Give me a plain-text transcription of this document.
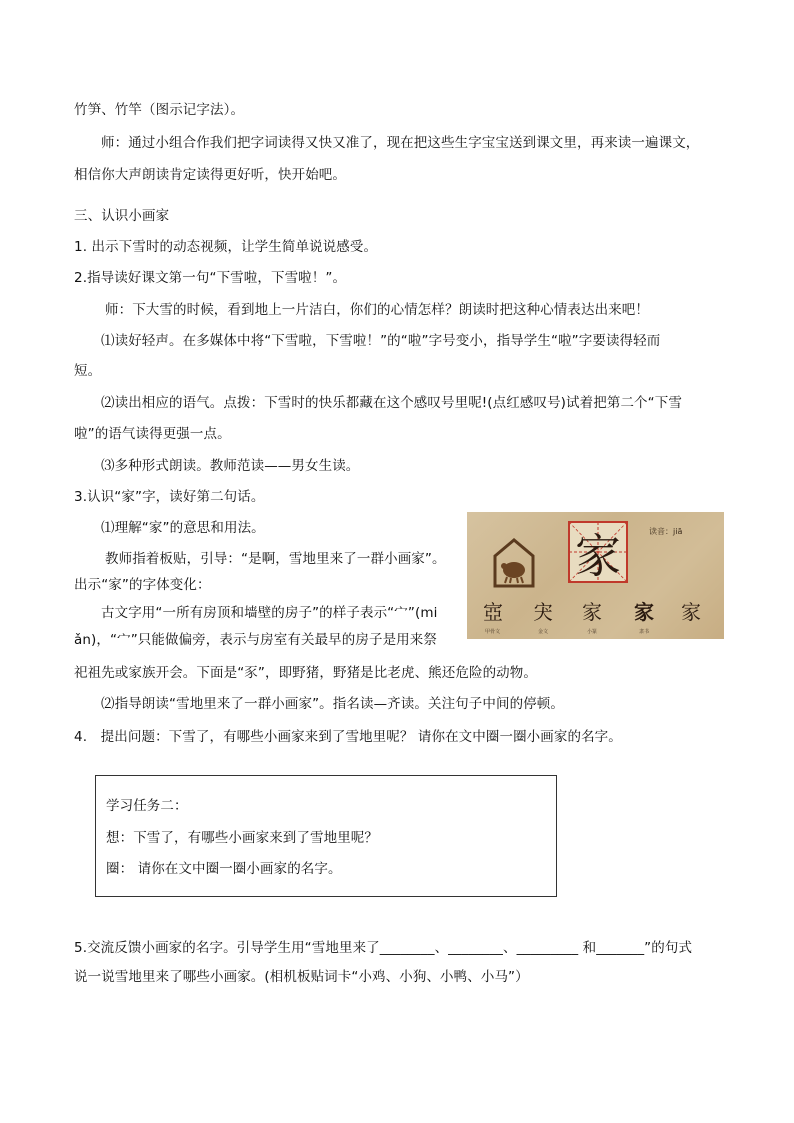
竹笋、竹竿（图示记字法）。
师：通过小组合作我们把字词读得又快又准了，现在把这些生字宝宝送到课文里，再来读一遍课文，
相信你大声朗读肯定读得更好听，快开始吧。
三、认识小画家
1. 出示下雪时的动态视频，让学生简单说说感受。
2.指导读好课文第一句“下雪啦，下雪啦！”。
师：下大雪的时候，看到地上一片洁白，你们的心情怎样？朗读时把这种心情表达出来吧！
⑴读好轻声。在多媒体中将“下雪啦，下雪啦！”的“啦”字号变小，指导学生“啦”字要读得轻而
短。
⑵读出相应的语气。点拨：下雪时的快乐都藏在这个感叹号里呢!(点红感叹号)试着把第二个“下雪
啦”的语气读得更强一点。
⑶多种形式朗读。教师范读——男女生读。
3.认识“家”字，读好第二句话。
⑴理解“家”的意思和用法。
教师指着板贴，引导：“是啊，雪地里来了一群小画家”。
出示“家”的字体变化：
古文字用“一所有房顶和墙壁的房子”的样子表示“宀”(mi
ǎn)，“宀”只能做偏旁，表示与房室有关最早的房子是用来祭
祀祖先或家族开会。下面是“豕”，即野猪，野猪是比老虎、熊还危险的动物。
⑵指导朗读“雪地里来了一群小画家”。指名读—齐读。关注句子中间的停顿。
4.　提出问题：下雪了，有哪些小画家来到了雪地里呢？ 请你在文中圈一圈小画家的名字。
学习任务二：
想：下雪了，有哪些小画家来到了雪地里呢？
圈： 请你在文中圈一圈小画家的名字。
5.交流反馈小画家的名字。引导学生用“雪地里来了________、________、_________ 和_______”的句式
说一说雪地里来了哪些小画家。(相机板贴词卡“小鸡、小狗、小鸭、小马”）
家	读音：jiā
㝞 宊 家 家 家
甲骨文	金文	小篆	隶书
